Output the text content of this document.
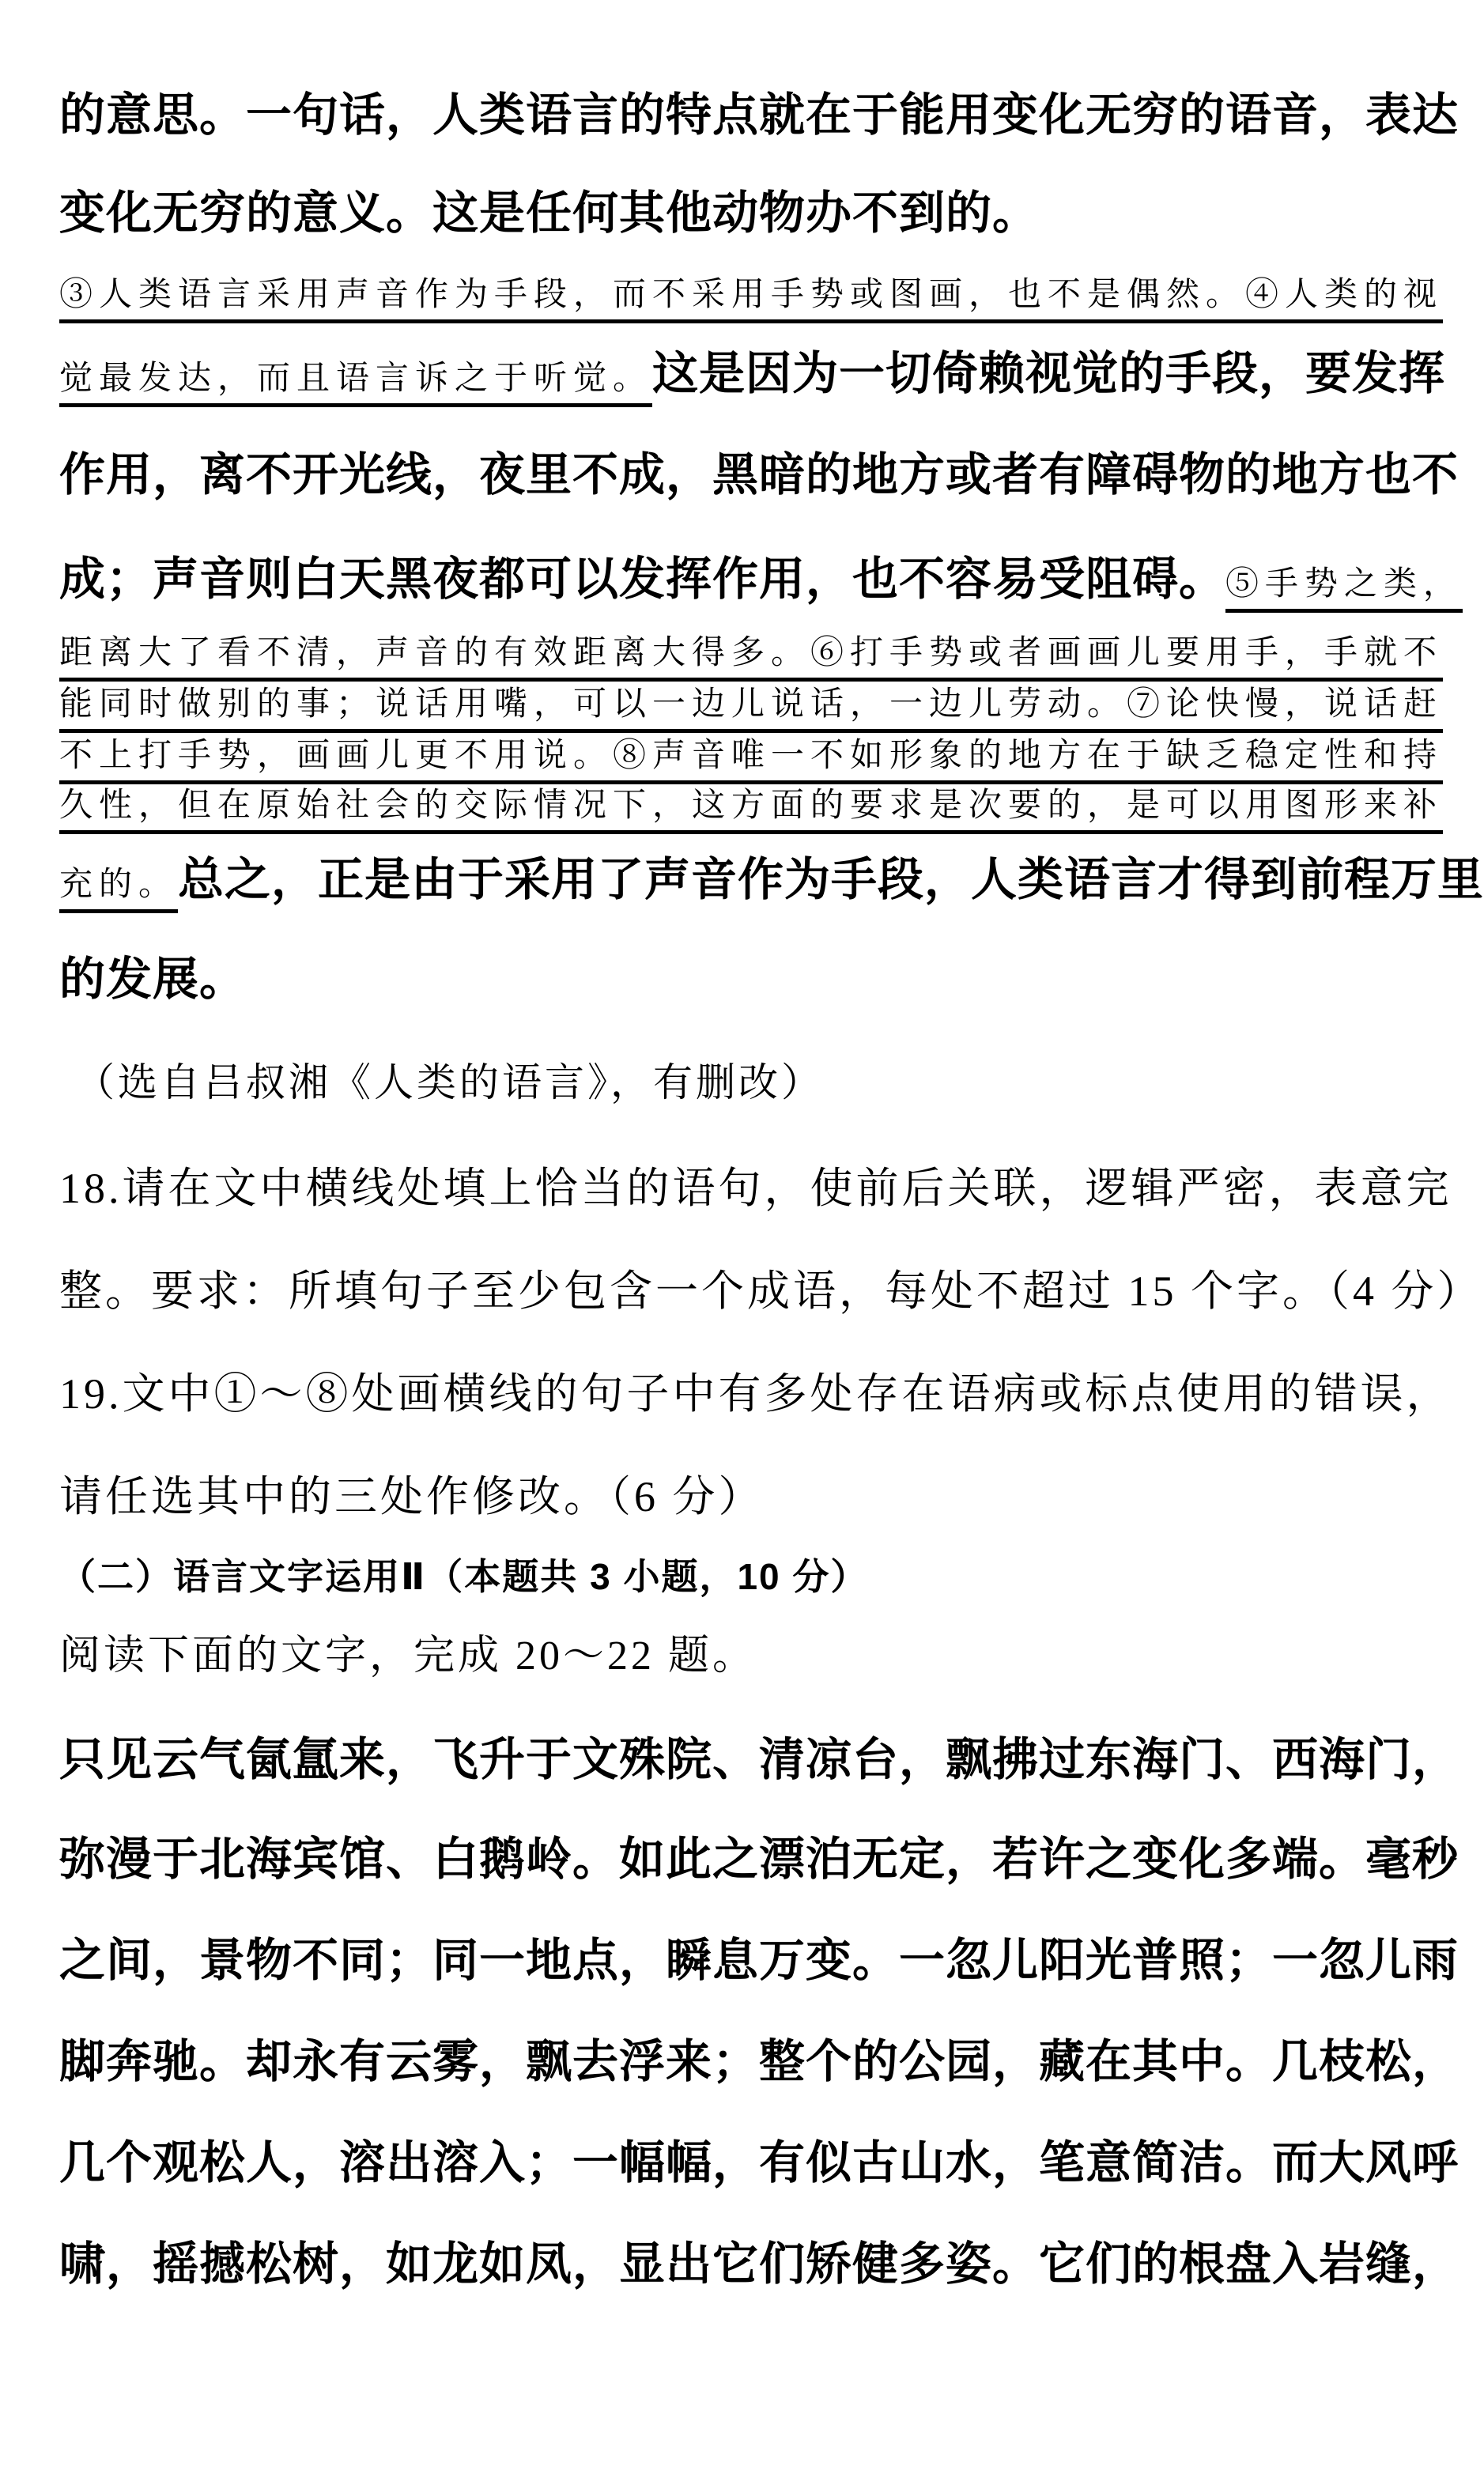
的意思。一句话，人类语言的特点就在于能用变化无穷的语音，表达
变化无穷的意义。这是任何其他动物办不到的。
③人类语言采用声音作为手段，而不采用手势或图画，也不是偶然。④人类的视
觉最发达，而且语言诉之于听觉。这是因为一切倚赖视觉的手段，要发挥
作用，离不开光线，夜里不成，黑暗的地方或者有障碍物的地方也不
成；声音则白天黑夜都可以发挥作用，也不容易受阻碍。⑤手势之类，
距离大了看不清，声音的有效距离大得多。⑥打手势或者画画儿要用手，手就不
能同时做别的事；说话用嘴，可以一边儿说话，一边儿劳动。⑦论快慢，说话赶
不上打手势，画画儿更不用说。⑧声音唯一不如形象的地方在于缺乏稳定性和持
久性，但在原始社会的交际情况下，这方面的要求是次要的，是可以用图形来补
充的。总之，正是由于采用了声音作为手段，人类语言才得到前程万里
的发展。
（选自吕叔湘《人类的语言》，有删改）
18.请在文中横线处填上恰当的语句，使前后关联，逻辑严密，表意完
整。要求：所填句子至少包含一个成语，每处不超过 15 个字。（4 分）
19.文中①～⑧处画横线的句子中有多处存在语病或标点使用的错误，
请任选其中的三处作修改。（6 分）
（二）语言文字运用Ⅱ（本题共 3 小题，10 分）
阅读下面的文字，完成 20～22 题。
只见云气氤氲来，飞升于文殊院、清凉台，飘拂过东海门、西海门，
弥漫于北海宾馆、白鹅岭。如此之漂泊无定，若许之变化多端。毫秒
之间，景物不同；同一地点，瞬息万变。一忽儿阳光普照；一忽儿雨
脚奔驰。却永有云雾，飘去浮来；整个的公园，藏在其中。几枝松，
几个观松人，溶出溶入；一幅幅，有似古山水，笔意简洁。而大风呼
啸，摇撼松树，如龙如凤，显出它们矫健多姿。它们的根盘入岩缝，
